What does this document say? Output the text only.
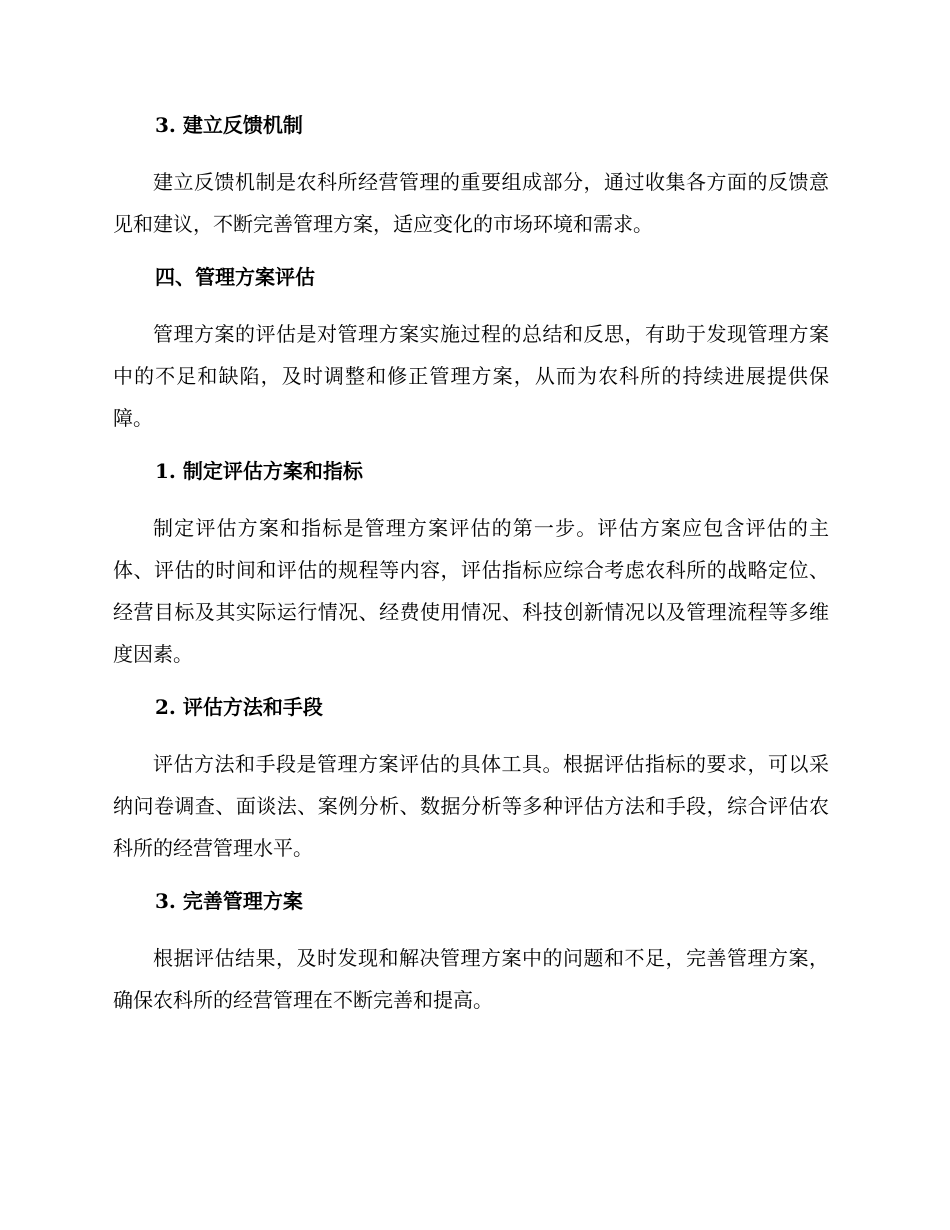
3. 建立反馈机制

建立反馈机制是农科所经营管理的重要组成部分，通过收集各方面的反馈意见和建议，不断完善管理方案，适应变化的市场环境和需求。

四、管理方案评估

管理方案的评估是对管理方案实施过程的总结和反思，有助于发现管理方案中的不足和缺陷，及时调整和修正管理方案，从而为农科所的持续进展提供保障。

1. 制定评估方案和指标

制定评估方案和指标是管理方案评估的第一步。评估方案应包含评估的主体、评估的时间和评估的规程等内容，评估指标应综合考虑农科所的战略定位、经营目标及其实际运行情况、经费使用情况、科技创新情况以及管理流程等多维度因素。

2. 评估方法和手段

评估方法和手段是管理方案评估的具体工具。根据评估指标的要求，可以采纳问卷调查、面谈法、案例分析、数据分析等多种评估方法和手段，综合评估农科所的经营管理水平。

3. 完善管理方案

根据评估结果，及时发现和解决管理方案中的问题和不足，完善管理方案，确保农科所的经营管理在不断完善和提高。
